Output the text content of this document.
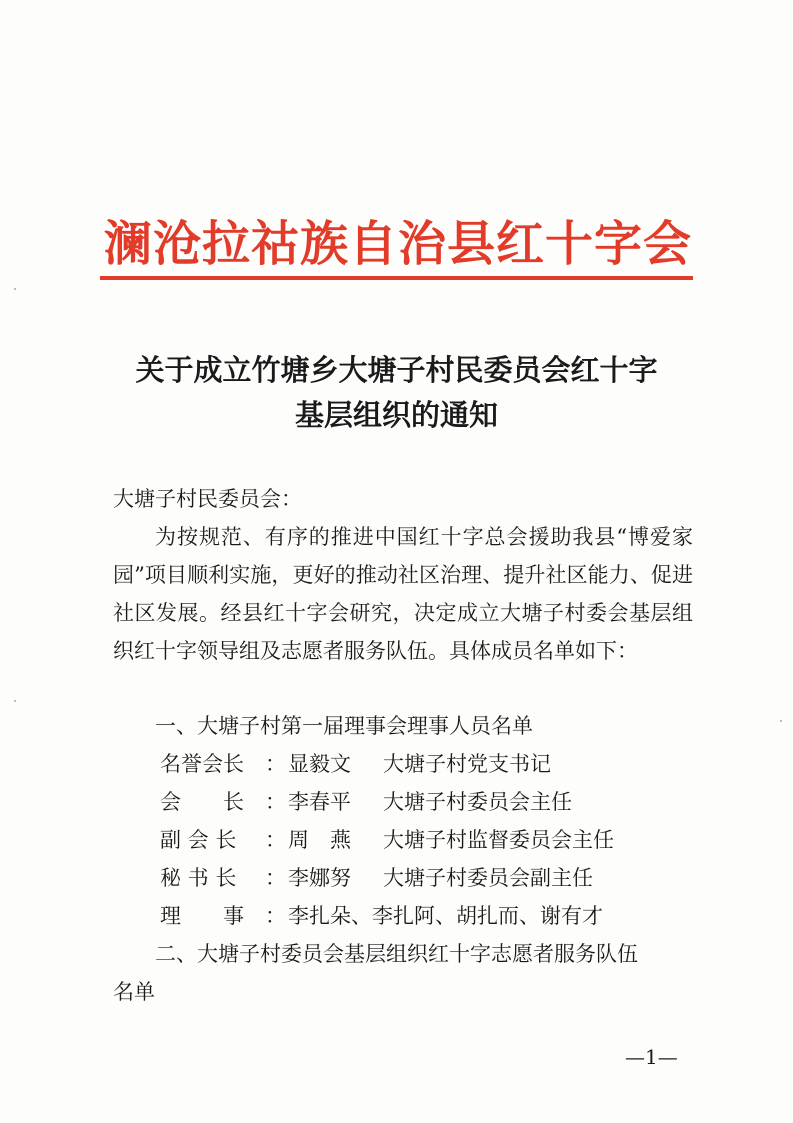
澜沧拉祜族自治县红十字会
关于成立竹塘乡大塘子村民委员会红十字
基层组织的通知
大塘子村民委员会：

为按规范、有序的推进中国红十字总会援助我县“博爱家园”项目顺利实施，更好的推动社区治理、提升社区能力、促进社区发展。经县红十字会研究，决定成立大塘子村委会基层组织红十字领导组及志愿者服务队伍。具体成员名单如下：

一、大塘子村第一届理事会理事人员名单
名誉会长	： 显毅文	大塘子村党支书记
会　　长	： 李春平	大塘子村委员会主任
副 会 长	： 周　燕	大塘子村监督委员会主任
秘 书 长	： 李娜努	大塘子村委员会副主任
理　　事	： 李扎朵、李扎阿、胡扎而、谢有才
二、大塘子村委员会基层组织红十字志愿者服务队伍
名单
—1—
